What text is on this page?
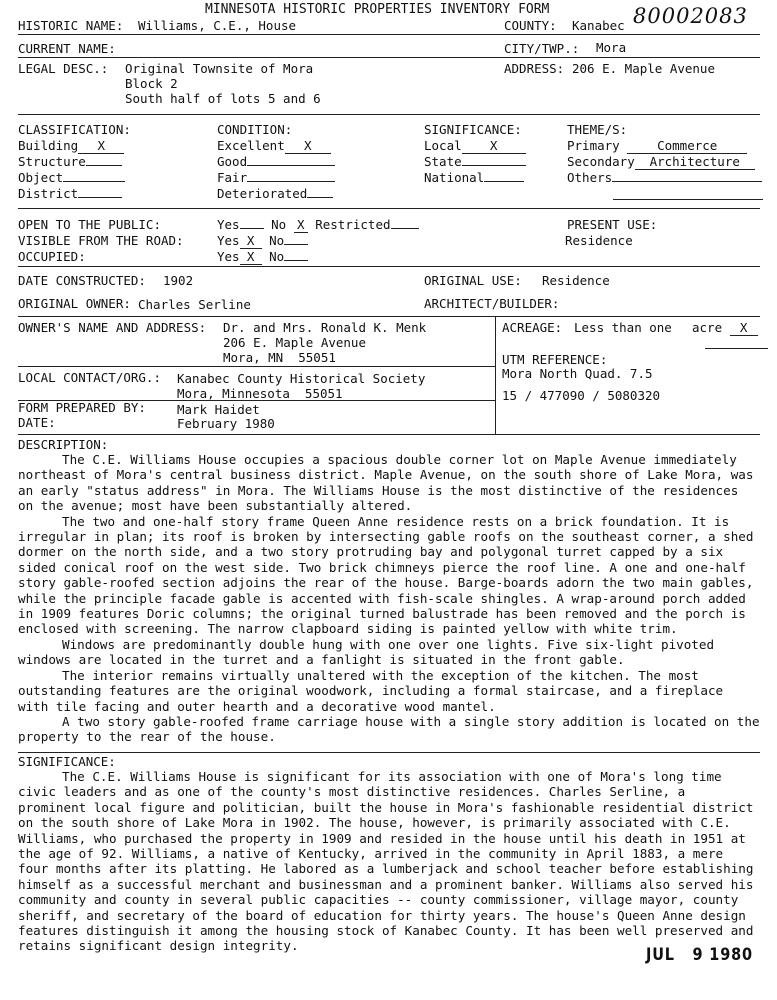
MINNESOTA HISTORIC PROPERTIES INVENTORY FORM	80002083
HISTORIC NAME: Williams, C.E., House	COUNTY: Kanabec
CURRENT NAME:	CITY/TWP.: Mora
LEGAL DESC.: Original Townsite of Mora
Block 2
South half of lots 5 and 6
ADDRESS: 206 E. Maple Avenue
CLASSIFICATION:
Building X
Structure
Object
District
CONDITION:
Excellent X
Good
Fair
Deteriorated
SIGNIFICANCE:
Local X
State
National
THEME/S:
Primary	Commerce
Secondary Architecture
Others
OPEN TO THE PUBLIC:	Yes	No X Restricted
VISIBLE FROM THE ROAD:	Yes X No
OCCUPIED:	Yes X No
PRESENT USE:
Residence
DATE CONSTRUCTED: 1902	ORIGINAL USE: Residence
ORIGINAL OWNER: Charles Serline	ARCHITECT/BUILDER:
OWNER'S NAME AND ADDRESS: Dr. and Mrs. Ronald K. Menk
206 E. Maple Avenue
Mora, MN  55051
ACREAGE: Less than one acre X
UTM REFERENCE:
Mora North Quad. 7.5
15 / 477090 / 5080320
LOCAL CONTACT/ORG.: Kanabec County Historical Society
Mora, Minnesota  55051
FORM PREPARED BY: Mark Haidet
DATE:	February 1980
DESCRIPTION:

The C.E. Williams House occupies a spacious double corner lot on Maple Avenue immediately northeast of Mora's central business district. Maple Avenue, on the south shore of Lake Mora, was an early "status address" in Mora. The Williams House is the most distinctive of the residences on the avenue; most have been substantially altered.

The two and one-half story frame Queen Anne residence rests on a brick foundation. It is irregular in plan; its roof is broken by intersecting gable roofs on the southeast corner, a shed dormer on the north side, and a two story protruding bay and polygonal turret capped by a six sided conical roof on the west side. Two brick chimneys pierce the roof line. A one and one-half story gable-roofed section adjoins the rear of the house. Barge-boards adorn the two main gables, while the principle facade gable is accented with fish-scale shingles. A wrap-around porch added in 1909 features Doric columns; the original turned balustrade has been removed and the porch is enclosed with screening. The narrow clapboard siding is painted yellow with white trim.

Windows are predominantly double hung with one over one lights. Five six-light pivoted windows are located in the turret and a fanlight is situated in the front gable.

The interior remains virtually unaltered with the exception of the kitchen. The most outstanding features are the original woodwork, including a formal staircase, and a fireplace with tile facing and outer hearth and a decorative wood mantel.

A two story gable-roofed frame carriage house with a single story addition is located on the property to the rear of the house.

SIGNIFICANCE:

The C.E. Williams House is significant for its association with one of Mora's long time civic leaders and as one of the county's most distinctive residences. Charles Serline, a prominent local figure and politician, built the house in Mora's fashionable residential district on the south shore of Lake Mora in 1902. The house, however, is primarily associated with C.E. Williams, who purchased the property in 1909 and resided in the house until his death in 1951 at the age of 92. Williams, a native of Kentucky, arrived in the community in April 1883, a mere four months after its platting. He labored as a lumberjack and school teacher before establishing himself as a successful merchant and businessman and a prominent banker. Williams also served his community and county in several public capacities -- county commissioner, village mayor, county sheriff, and secretary of the board of education for thirty years. The house's Queen Anne design features distinguish it among the housing stock of Kanabec County. It has been well preserved and retains significant design integrity.	JUL   9 1980
